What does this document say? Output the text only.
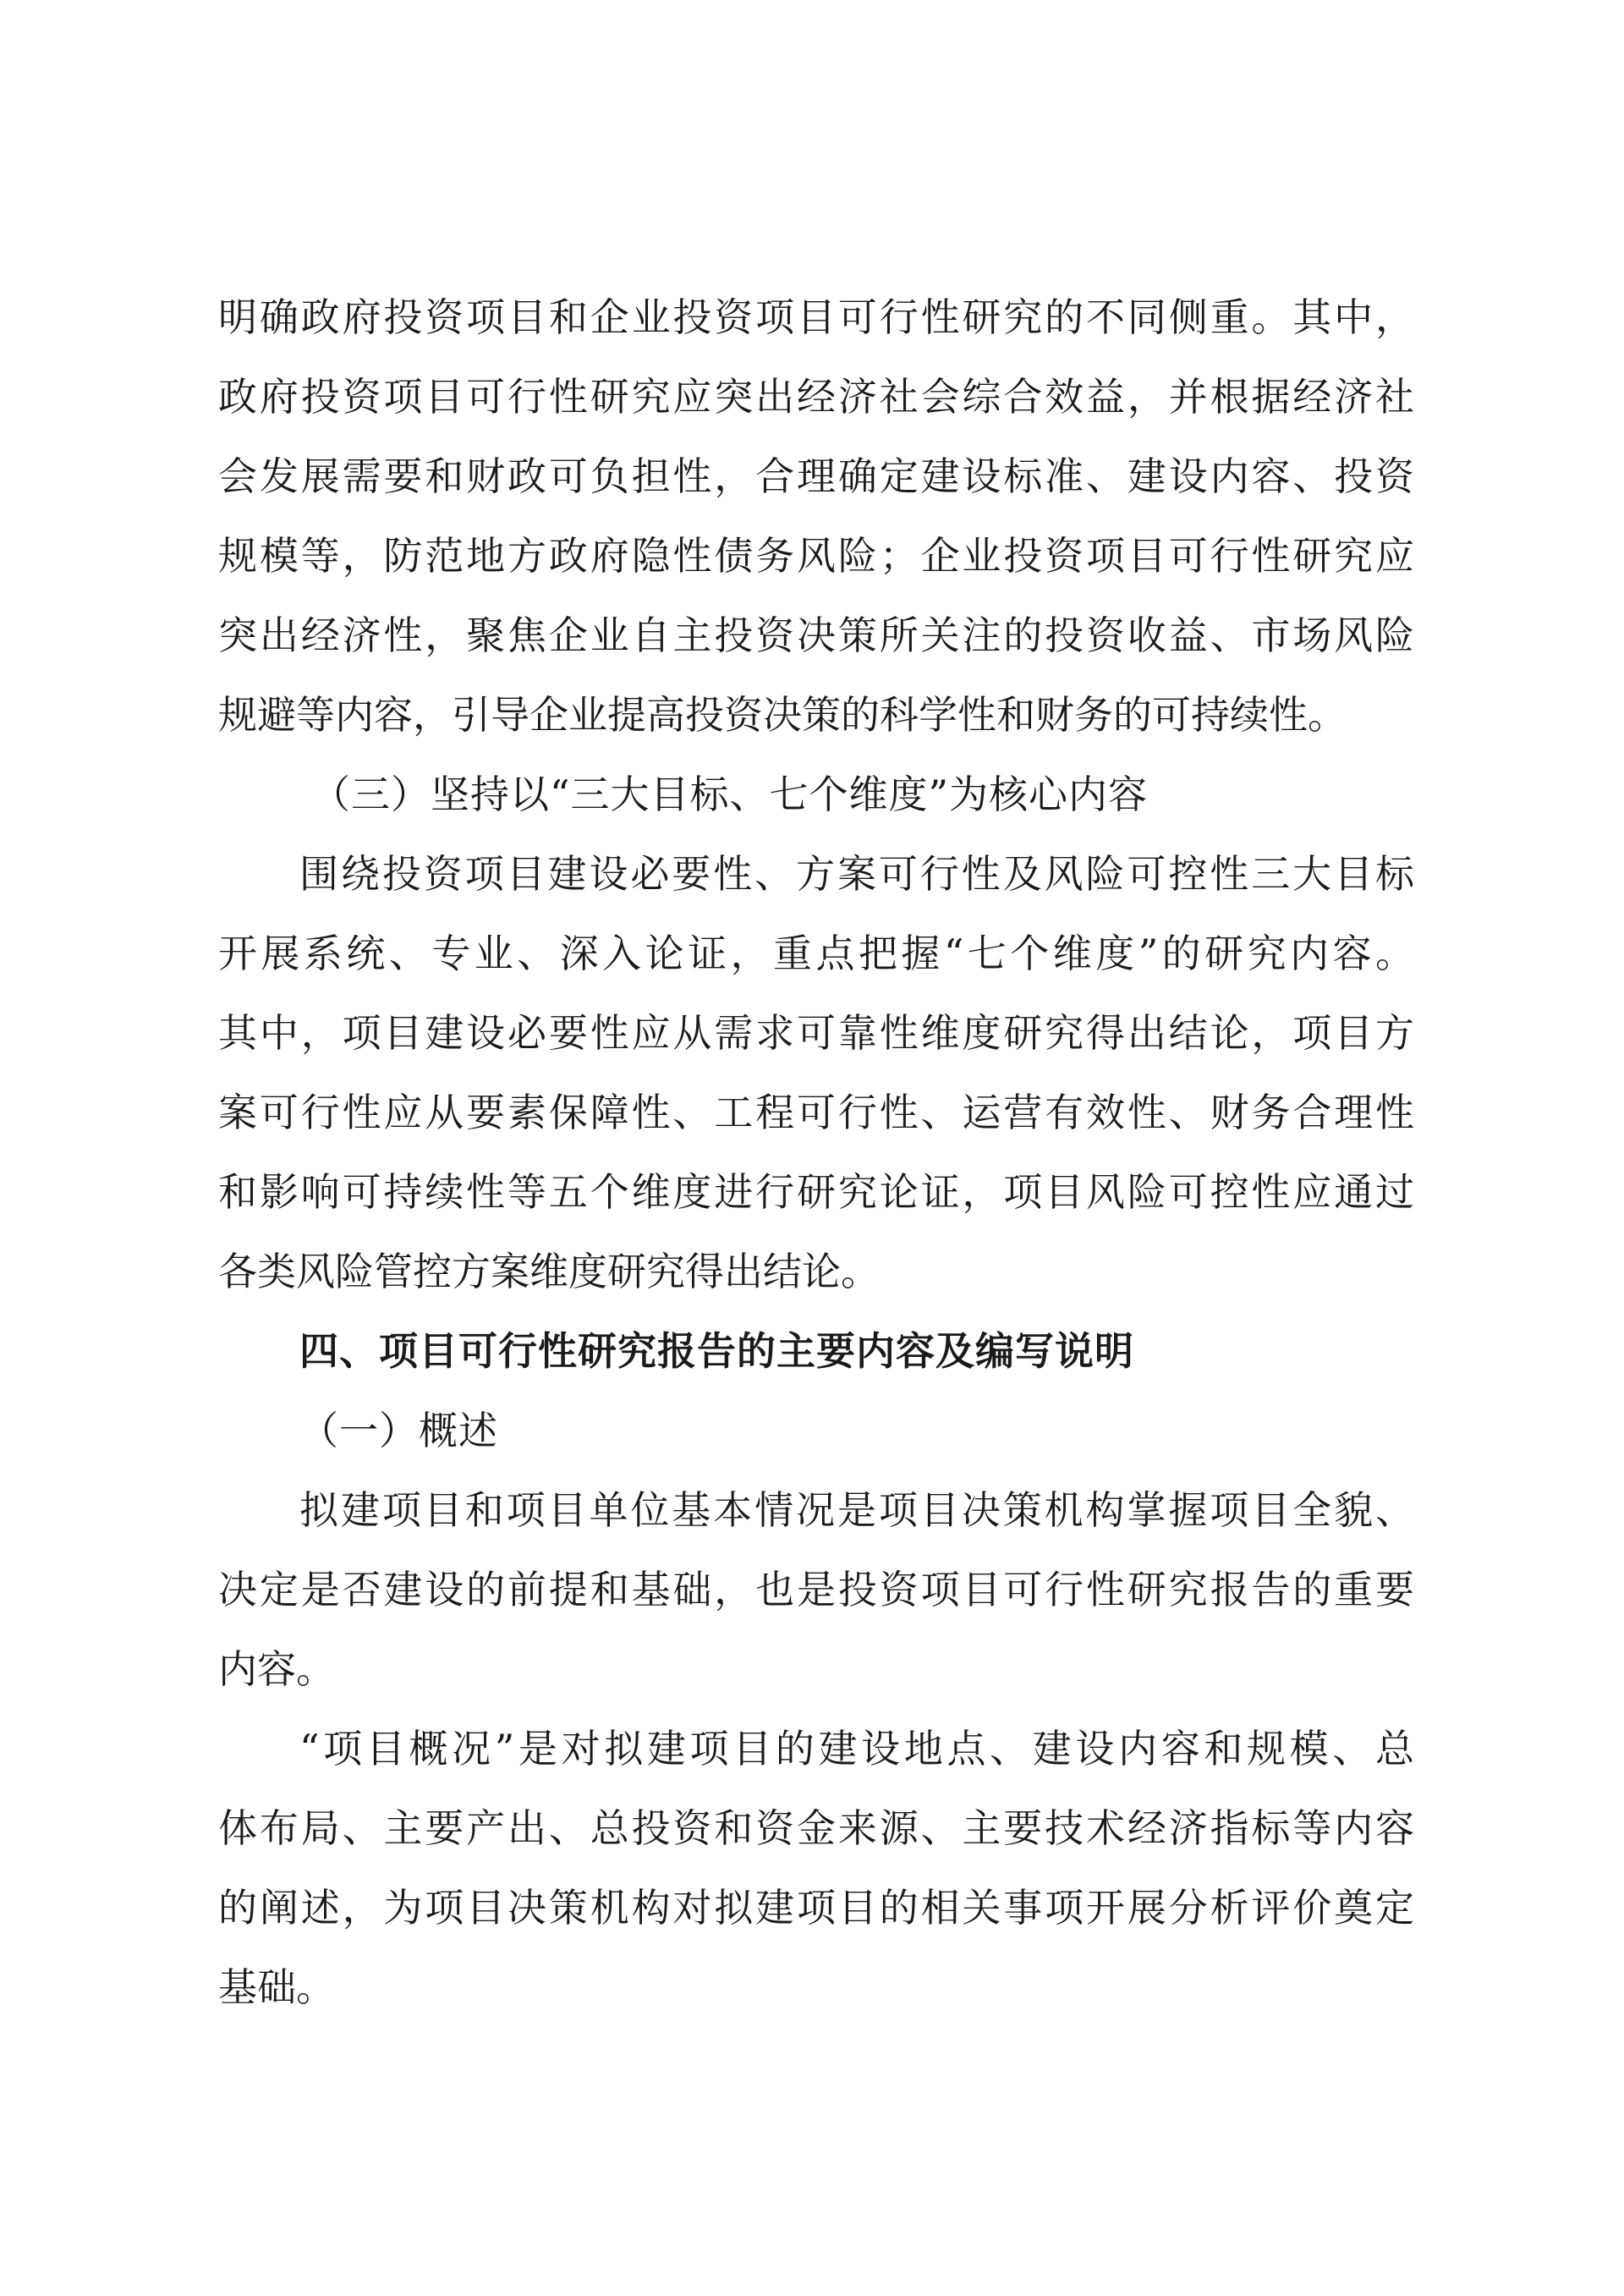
明确政府投资项目和企业投资项目可行性研究的不同侧重。其中，
政府投资项目可行性研究应突出经济社会综合效益，并根据经济社
会发展需要和财政可负担性，合理确定建设标准、建设内容、投资
规模等，防范地方政府隐性债务风险；企业投资项目可行性研究应
突出经济性，聚焦企业自主投资决策所关注的投资收益、市场风险
规避等内容，引导企业提高投资决策的科学性和财务的可持续性。
（三）坚持以“三大目标、七个维度”为核心内容
围绕投资项目建设必要性、方案可行性及风险可控性三大目标
开展系统、专业、深入论证，重点把握“七个维度”的研究内容。
其中，项目建设必要性应从需求可靠性维度研究得出结论，项目方
案可行性应从要素保障性、工程可行性、运营有效性、财务合理性
和影响可持续性等五个维度进行研究论证，项目风险可控性应通过
各类风险管控方案维度研究得出结论。
四、项目可行性研究报告的主要内容及编写说明
（一）概述
拟建项目和项目单位基本情况是项目决策机构掌握项目全貌、
决定是否建设的前提和基础，也是投资项目可行性研究报告的重要
内容。
“项目概况”是对拟建项目的建设地点、建设内容和规模、总
体布局、主要产出、总投资和资金来源、主要技术经济指标等内容
的阐述，为项目决策机构对拟建项目的相关事项开展分析评价奠定
基础。
